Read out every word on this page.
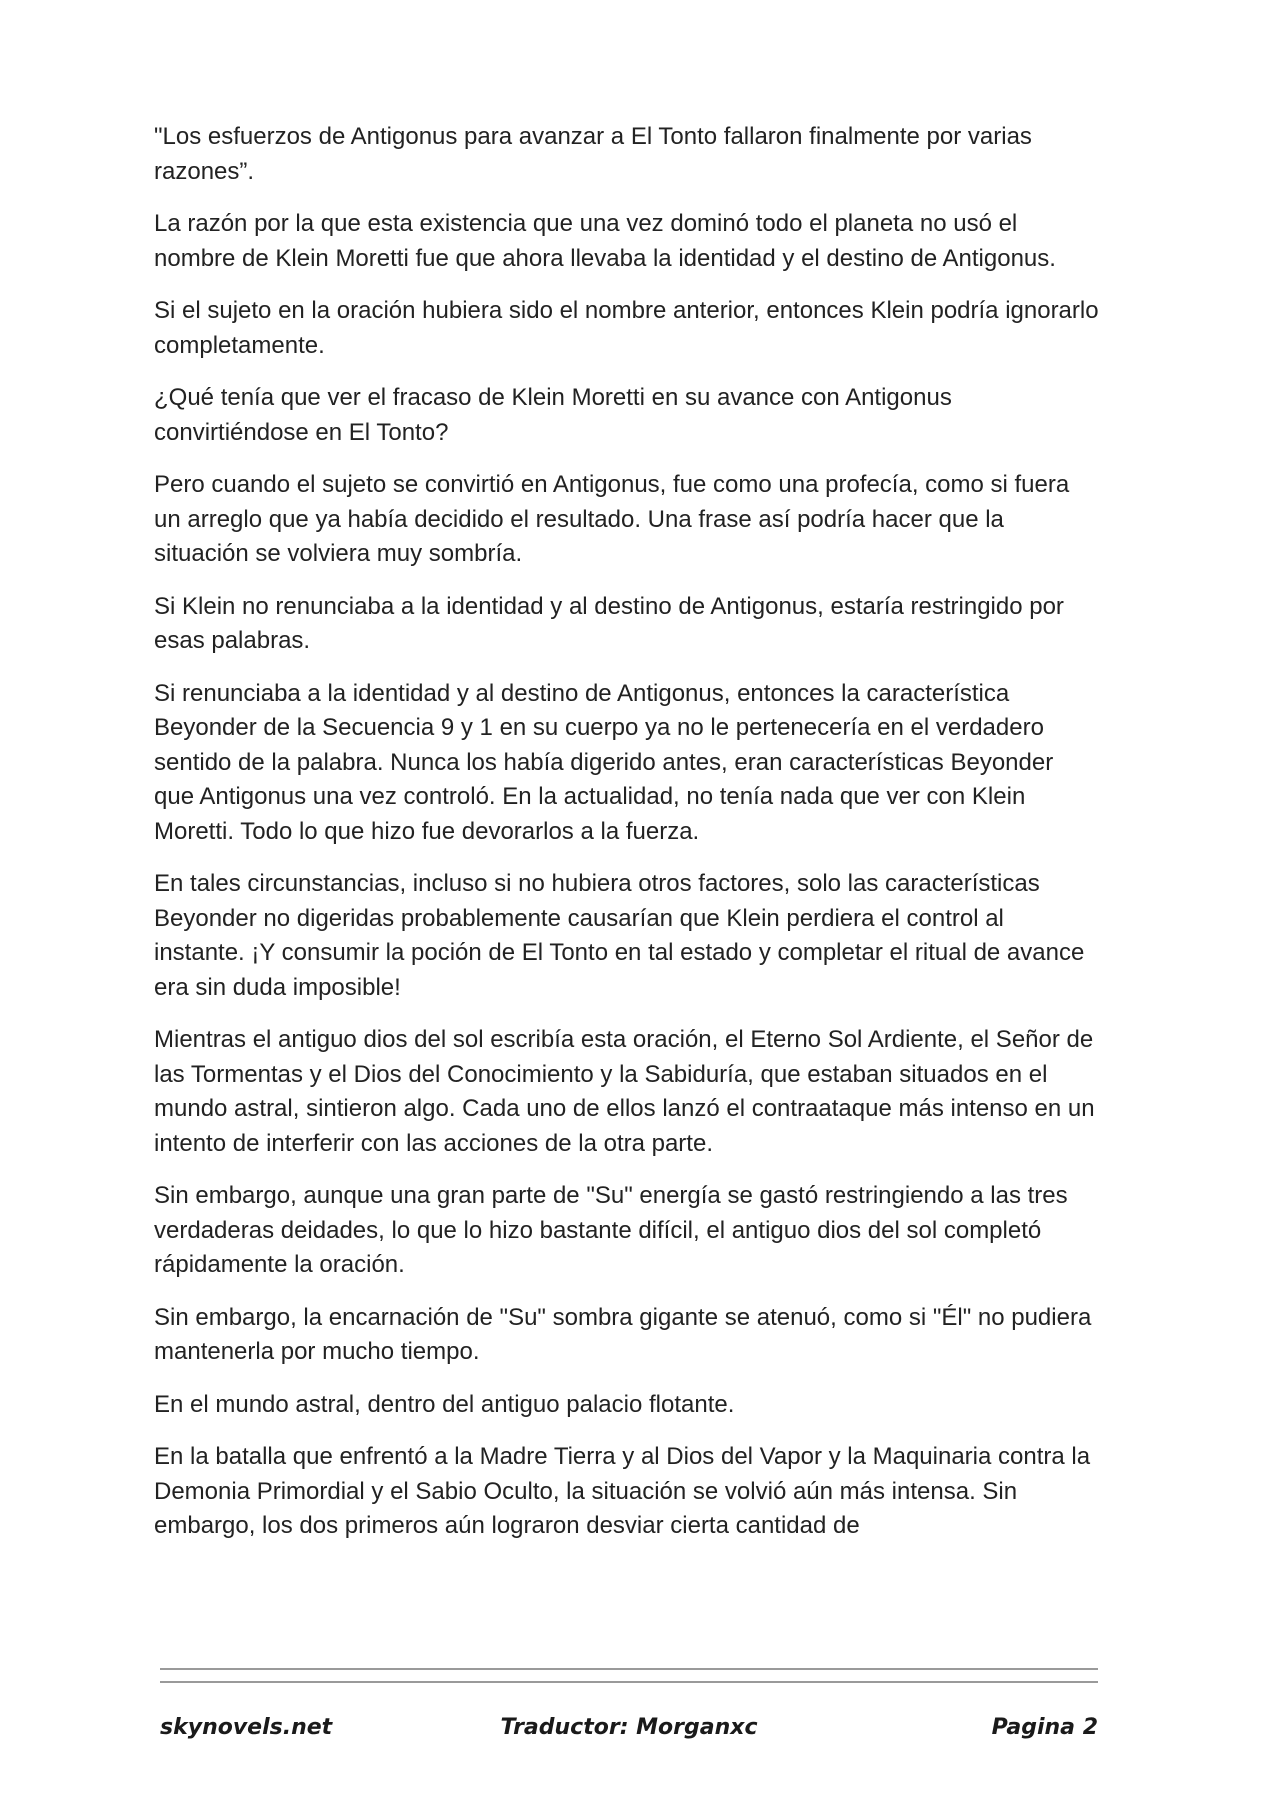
"Los esfuerzos de Antigonus para avanzar a El Tonto fallaron finalmente por varias razones”.

La razón por la que esta existencia que una vez dominó todo el planeta no usó el nombre de Klein Moretti fue que ahora llevaba la identidad y el destino de Antigonus.

Si el sujeto en la oración hubiera sido el nombre anterior, entonces Klein podría ignorarlo completamente.

¿Qué tenía que ver el fracaso de Klein Moretti en su avance con Antigonus convirtiéndose en El Tonto?

Pero cuando el sujeto se convirtió en Antigonus, fue como una profecía, como si fuera un arreglo que ya había decidido el resultado. Una frase así podría hacer que la situación se volviera muy sombría.

Si Klein no renunciaba a la identidad y al destino de Antigonus, estaría restringido por esas palabras.

Si renunciaba a la identidad y al destino de Antigonus, entonces la característica Beyonder de la Secuencia 9 y 1 en su cuerpo ya no le pertenecería en el verdadero sentido de la palabra. Nunca los había digerido antes, eran características Beyonder que Antigonus una vez controló. En la actualidad, no tenía nada que ver con Klein Moretti. Todo lo que hizo fue devorarlos a la fuerza.

En tales circunstancias, incluso si no hubiera otros factores, solo las características Beyonder no digeridas probablemente causarían que Klein perdiera el control al instante. ¡Y consumir la poción de El Tonto en tal estado y completar el ritual de avance era sin duda imposible!

Mientras el antiguo dios del sol escribía esta oración, el Eterno Sol Ardiente, el Señor de las Tormentas y el Dios del Conocimiento y la Sabiduría, que estaban situados en el mundo astral, sintieron algo. Cada uno de ellos lanzó el contraataque más intenso en un intento de interferir con las acciones de la otra parte.

Sin embargo, aunque una gran parte de "Su" energía se gastó restringiendo a las tres verdaderas deidades, lo que lo hizo bastante difícil, el antiguo dios del sol completó rápidamente la oración.

Sin embargo, la encarnación de "Su" sombra gigante se atenuó, como si "Él" no pudiera mantenerla por mucho tiempo.

En el mundo astral, dentro del antiguo palacio flotante.

En la batalla que enfrentó a la Madre Tierra y al Dios del Vapor y la Maquinaria contra la Demonia Primordial y el Sabio Oculto, la situación se volvió aún más intensa. Sin embargo, los dos primeros aún lograron desviar cierta cantidad de

skynovels.net	Traductor: Morganxc	Pagina 2
